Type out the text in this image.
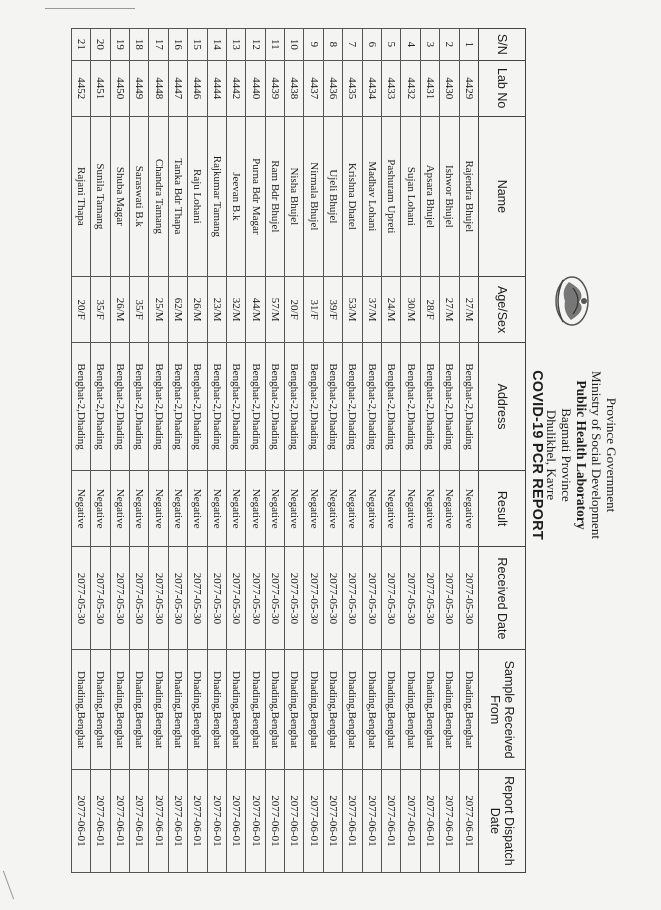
Province Government
Ministry of Social Development
Public Health Laboratory
Bagmati Province
Dhulikhel, Kavre
COVID-19 PCR REPORT
S/N	Lab No	Name	Age/Sex	Address	Result	Received Date	Sample Received From	Report Dispatch Date
1	4429	Rajendra Bhujel	27/M	Benghat-2,Dhading	Negative	2077-05-30	Dhading,Benghat	2077-06-01
2	4430	Ishwor Bhujel	27/M	Benghat-2,Dhading	Negative	2077-05-30	Dhading,Benghat	2077-06-01
3	4431	Apsara Bhujel	28/F	Benghat-2,Dhading	Negative	2077-05-30	Dhading,Benghat	2077-06-01
4	4432	Sujan Lohani	30/M	Benghat-2,Dhading	Negative	2077-05-30	Dhading,Benghat	2077-06-01
5	4433	Pashuram Upreti	24/M	Benghat-2,Dhading	Negative	2077-05-30	Dhading,Benghat	2077-06-01
6	4434	Madhav Lohani	37/M	Benghat-2,Dhading	Negative	2077-05-30	Dhading,Benghat	2077-06-01
7	4435	Krishna Dhatel	53/M	Benghat-2,Dhading	Negative	2077-05-30	Dhading,Benghat	2077-06-01
8	4436	Ujeli Bhujel	39/F	Benghat-2,Dhading	Negative	2077-05-30	Dhading,Benghat	2077-06-01
9	4437	Nirmala Bhujel	31/F	Benghat-2,Dhading	Negative	2077-05-30	Dhading,Benghat	2077-06-01
10	4438	Nisha Bhujel	20/F	Benghat-2,Dhading	Negative	2077-05-30	Dhading,Benghat	2077-06-01
11	4439	Ram Bdr Bhujel	57/M	Benghat-2,Dhading	Negative	2077-05-30	Dhading,Benghat	2077-06-01
12	4440	Purna Bdr Magar	44/M	Benghat-2,Dhading	Negative	2077-05-30	Dhading,Benghat	2077-06-01
13	4442	Jeevan B.k	32/M	Benghat-2,Dhading	Negative	2077-05-30	Dhading,Benghat	2077-06-01
14	4444	Rajkumar Tamang	23/M	Benghat-2,Dhading	Negative	2077-05-30	Dhading,Benghat	2077-06-01
15	4446	Raju Lohani	26/M	Benghat-2,Dhading	Negative	2077-05-30	Dhading,Benghat	2077-06-01
16	4447	Tanka Bdr Thapa	62/M	Benghat-2,Dhading	Negative	2077-05-30	Dhading,Benghat	2077-06-01
17	4448	Chandra Tamang	25/M	Benghat-2,Dhading	Negative	2077-05-30	Dhading,Benghat	2077-06-01
18	4449	Saraswati B.k	35/F	Benghat-2,Dhading	Negative	2077-05-30	Dhading,Benghat	2077-06-01
19	4450	Shuba Magar	26/M	Benghat-2,Dhading	Negative	2077-05-30	Dhading,Benghat	2077-06-01
20	4451	Sunila Tamang	35/F	Benghat-2,Dhading	Negative	2077-05-30	Dhading,Benghat	2077-06-01
21	4452	Rajani Thapa	20/F	Benghat-2,Dhading	Negative	2077-05-30	Dhading,Benghat	2077-06-01
